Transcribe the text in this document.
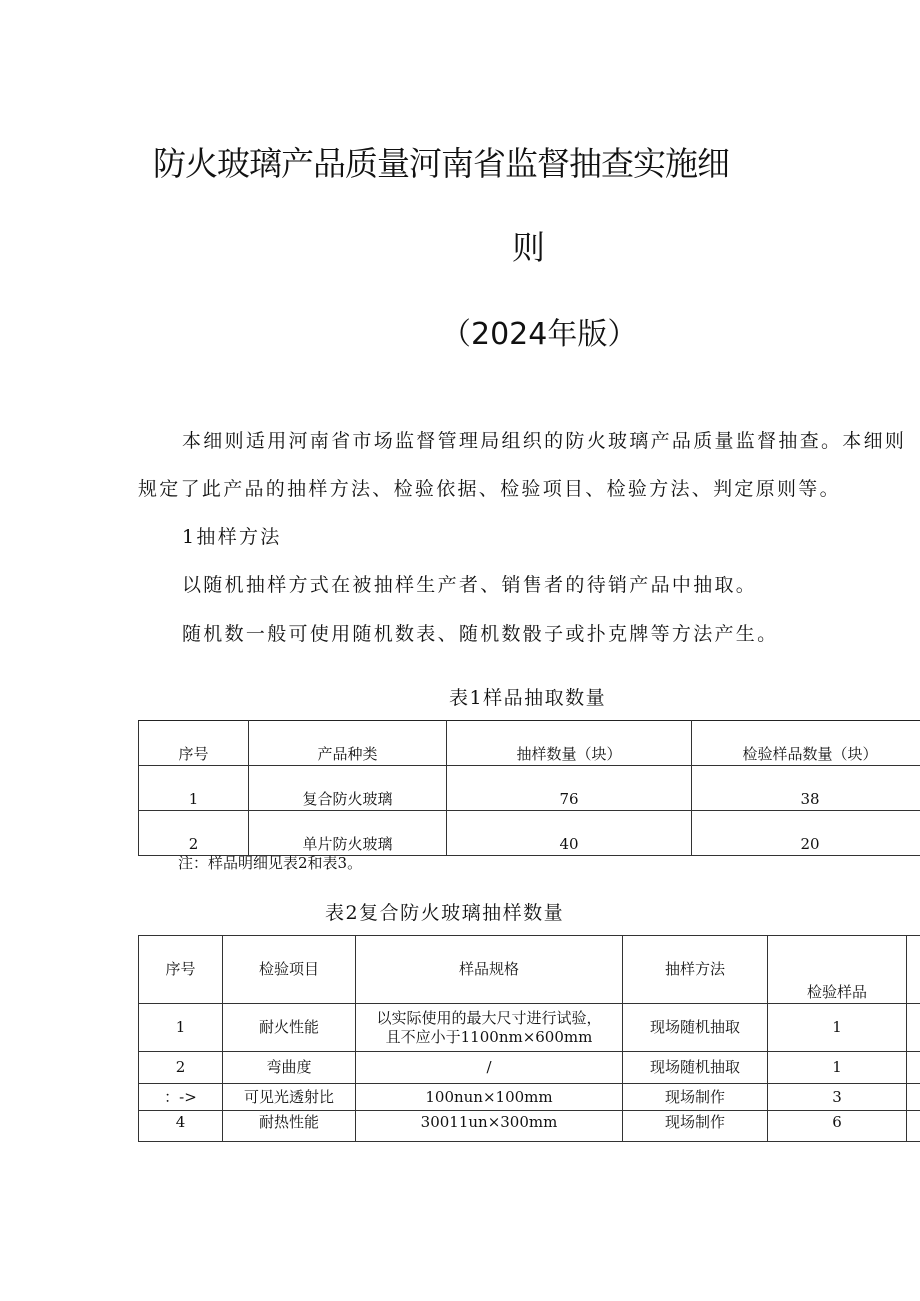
防火玻璃产品质量河南省监督抽查实施细
则
（2024年版）
本细则适用河南省市场监督管理局组织的防火玻璃产品质量监督抽查。本细则
规定了此产品的抽样方法、检验依据、检验项目、检验方法、判定原则等。
1抽样方法
以随机抽样方式在被抽样生产者、销售者的待销产品中抽取。
随机数一般可使用随机数表、随机数骰子或扑克牌等方法产生。
表1样品抽取数量
序号	产品种类	抽样数量（块）	检验样品数量（块）
1	复合防火玻璃	76	38
2	单片防火玻璃	40	20
注：样品明细见表2和表3。
表2复合防火玻璃抽样数量
序号	检验项目	样品规格	抽样方法	检验样品	
1	耐火性能	以实际使用的最大尺寸进行试验，
且不应小于1100nm×600mm	现场随机抽取	1	
2	弯曲度	/	现场随机抽取	1	
：->	可见光透射比	100nun×100mm	现场制作	3	
4	耐热性能	30011un×300mm	现场制作	6	
